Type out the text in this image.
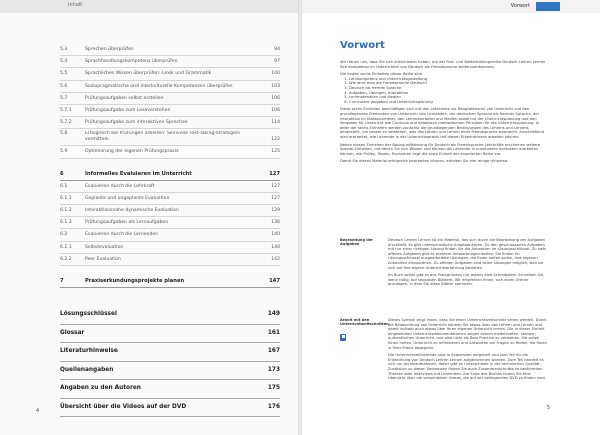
Inhalt
5.3	Sprechen überprüfen	94
5.4	Sprachhandlungskompetenz überprüfen	97
5.5	Sprachliches Wissen überprüfen: Lexik und Grammatik	100
5.6	Soziopragmatische und interkulturelle Kompetenzen überprüfen	103
5.7	Prüfungsaufgaben selbst erstellen	106
5.7.1	Prüfungsaufgabe zum Leseverstehen	106
5.7.2	Prüfungsaufgabe zum interaktiven Sprechen	114
5.8	Erfolgreich bei Prüfungen arbeiten: Sinnvolle Test-Taking-Strategien vermitteln	122
5.9	Optimierung der eigenen Prüfungspraxis	125
6	Informelles Evaluieren im Unterricht	127
6.1	Evaluieren durch die Lehrkraft	127
6.1.1	Geplante und ungeplante Evaluation	127
6.1.2	Interaktionsnahe dynamische Evaluation	129
6.1.3	Prüfungsaufgaben als Lernaufgaben	136
6.2	Evaluieren durch die Lernenden	140
6.2.1	Selbstevaluation	140
6.2.2	Peer Evaluation	142
7	Praxiserkundungsprojekte planen	147
Lösungsschlüssel	149
Glossar	161
Literaturhinweise	167
Quellenangaben	173
Angaben zu den Autoren	175
Übersicht über die Videos auf der DVD	176
4
Vorwort
Vorwort

Wir freuen uns, dass Sie sich entschieden haben, mit der Fort- und Weiterbildungsreihe Deutsch Lehren Lernen Ihre Kompetenz im Unterrichten von Deutsch als Fremdsprache weiterzuentwickeln.

Die ersten sechs Einheiten dieser Reihe sind

1. Lehrkompetenz und Unterrichtsgestaltung
2. Wie lernt man die Fremdsprache Deutsch?
3. Deutsch als fremde Sprache
4. Aufgaben, Übungen, Interaktion
5. Lernmaterialien und Medien
6. Curriculare Vorgaben und Unterrichtsplanung

Diese sechs Einheiten beschäftigen sich mit den Lehrenden als Hauptakteuren von Unterricht und den grundlegenden Elementen von Unterricht: den Lernenden, der deutschen Sprache als fremder Sprache, der Interaktion im Klassenzimmer, den Lernmaterialien und Medien sowie mit der Unterrichtsplanung und den Vorgaben für Unterricht wie Curricula und didaktisch-methodischen Prinzipien für die Unterrichtsplanung. In jeder der sechs Einheiten werden zunächst die grundlegenden Bedingungen des Lehrens und Lernens dargestellt, um besser zu verstehen, was das Lehren und Lernen einer Fremdsprache ausmacht. Anschließend wird erarbeitet, wie Lehrende in der Unterrichtspraxis mit diesen Erkenntnissen arbeiten können.

Neben diesen Einheiten der Basisqualifizierung für Deutsch als Fremdsprache-Lehrkräfte erscheinen weitere Spezial-Einheiten, mit denen Sie sich Wissen und Können als Lehrende in punktuellen Kontexten erarbeiten können, wie Prüfen, Testen, Evaluieren liegt die erste Einheit der erweiterten Reihe vor.

Damit Sie dieses Material erfolgreich bearbeiten können, erhalten Sie hier einige Hinweise:

Bearbeitung der Aufgaben

Deutsch Lehren Lernen ist ein Material, das sich durch die Bearbeitung der Aufgaben erschließt. Es gibt unterschiedliche Aufgabentypen. Zu den geschlossenen Aufgaben mit nur einer richtigen Lösung finden Sie die Antworten im Lösungsschlüssel. Zu halb offenen Aufgaben gibt es mehrere Antwortmöglichkeiten. Sie finden im Lösungsschlüssel ausgearbeitete Lösungen, die Ihnen helfen sollen, Ihre eigenen Antworten einzuordnen. Zu offenen Aufgaben sind keine Lösungen möglich, weil sie sich auf Ihre eigene Unterrichtserfahrung beziehen.

Im Buch selbst gibt es aus Platzgründen nur jeweils eine Schreibzeile. Schreiben Sie, wenn nötig, auf separaten Blättern. Wir empfehlen Ihnen, sich einen Ordner anzulegen, in dem Sie diese Blätter sammeln.

Arbeit mit den Unterrichtsmitschnitten

Dieses Symbol zeigt Ihnen, dass Sie einen Unterrichtsmitschnitt sehen werden. Durch die Beobachtung von Unterricht können Sie etwas über das Lehren und Lernen und damit indirekt auch etwas über Ihren eigenen Unterricht lernen. Die in dieser Einheit eingesetzten Unterrichtsdokumentationen zeigen keinen modellhaften, sondern authentischen Unterricht, und also nicht als Best Practice zu verstehen. Sie sollen Ihnen helfen, Unterricht zu reflektieren und Antworten auf Fragen zu finden, die Ihnen in Ihrer Praxis begegnen.

Die Unterrichtsmitschnitte sind in Sequenzen aufgeteilt und zum Teil für die Entwicklung von Deutsch Lehren Lernen aufgenommen worden. Zum Teil handelt es sich um Archivaufnahmen, daher gibt es Unterschiede in der technischen Qualität. Zusätzlich zu diesen Sequenzen finden Sie auch Zusammenschnitte zu bestimmten Themen oder Interviews mit Lehrenden. Am Ende des Buches finden Sie eine Übersicht über die verwendeten Videos, die auf der beiliegenden DVD zu finden sind.

5
